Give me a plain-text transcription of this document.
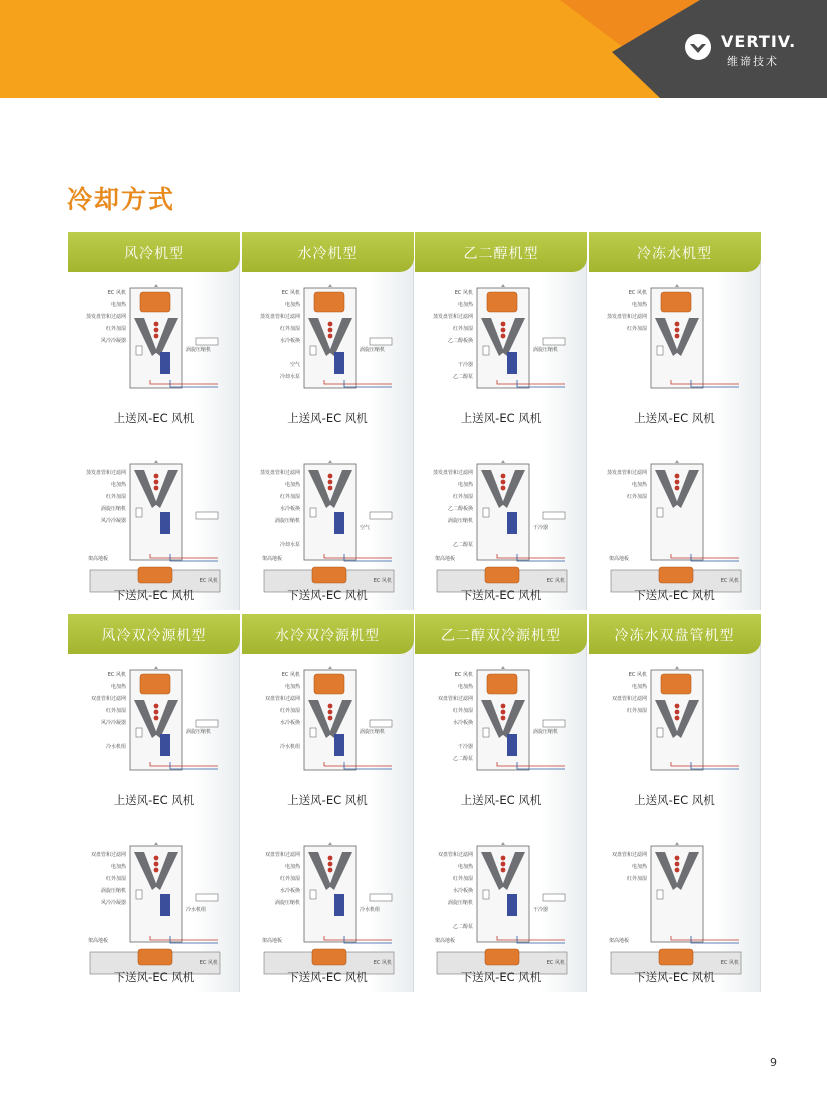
VERTIV.
维谛技术
冷却方式
风冷机型
EC 风机
电加热
蒸发盘管和过滤网
红外加湿
风冷冷凝器
涡旋压缩机
上送风-EC 风机
蒸发盘管和过滤网
电加热
红外加湿
涡旋压缩机
风冷冷凝器
架高地板
EC 风机
下送风-EC 风机
水冷机型
EC 风机
电加热
蒸发盘管和过滤网
红外加湿
水冷板换
涡旋压缩机
空气
冷却水泵
上送风-EC 风机
蒸发盘管和过滤网
电加热
红外加湿
水冷板换
涡旋压缩机
空气
冷却水泵
架高地板
EC 风机
下送风-EC 风机
乙二醇机型
EC 风机
电加热
蒸发盘管和过滤网
红外加湿
乙二醇板换
涡旋压缩机
干冷器
乙二醇泵
上送风-EC 风机
蒸发盘管和过滤网
电加热
红外加湿
乙二醇板换
涡旋压缩机
干冷器
乙二醇泵
架高地板
EC 风机
下送风-EC 风机
冷冻水机型
EC 风机
电加热
蒸发盘管和过滤网
红外加湿
上送风-EC 风机
蒸发盘管和过滤网
电加热
红外加湿
架高地板
EC 风机
下送风-EC 风机
风冷双冷源机型
EC 风机
电加热
双盘管和过滤网
红外加湿
风冷冷凝器
涡旋压缩机
冷水机组
上送风-EC 风机
双盘管和过滤网
电加热
红外加湿
涡旋压缩机
风冷冷凝器
冷水机组
架高地板
EC 风机
下送风-EC 风机
水冷双冷源机型
EC 风机
电加热
双盘管和过滤网
红外加湿
水冷板换
涡旋压缩机
冷水机组
上送风-EC 风机
双盘管和过滤网
电加热
红外加湿
水冷板换
涡旋压缩机
冷水机组
架高地板
EC 风机
下送风-EC 风机
乙二醇双冷源机型
EC 风机
电加热
双盘管和过滤网
红外加湿
水冷板换
涡旋压缩机
干冷器
乙二醇泵
上送风-EC 风机
双盘管和过滤网
电加热
红外加湿
水冷板换
涡旋压缩机
干冷器
乙二醇泵
架高地板
EC 风机
下送风-EC 风机
冷冻水双盘管机型
EC 风机
电加热
双盘管和过滤网
红外加湿
上送风-EC 风机
双盘管和过滤网
电加热
红外加湿
架高地板
EC 风机
下送风-EC 风机
9
